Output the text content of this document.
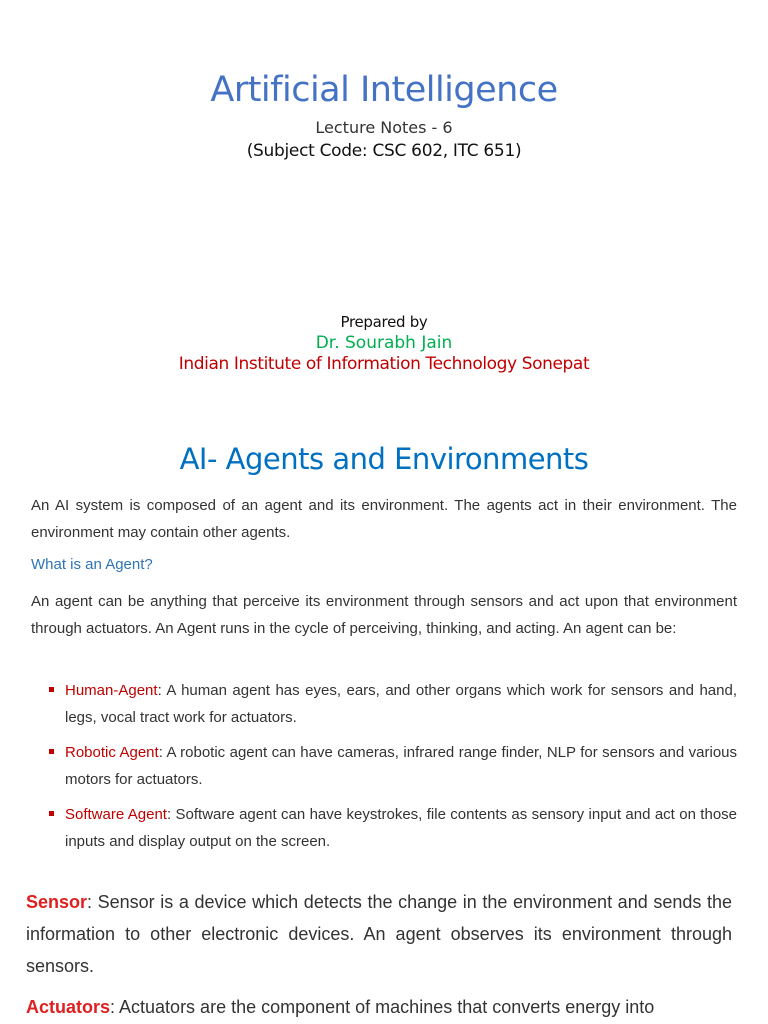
Artificial Intelligence
Lecture Notes - 6
(Subject Code: CSC 602, ITC 651)
Prepared by
Dr. Sourabh Jain
Indian Institute of Information Technology Sonepat
AI- Agents and Environments

An AI system is composed of an agent and its environment. The agents act in their environment. The environment may contain other agents.

What is an Agent?

An agent can be anything that perceive its environment through sensors and act upon that environment through actuators. An Agent runs in the cycle of perceiving, thinking, and acting. An agent can be:

Human-Agent: A human agent has eyes, ears, and other organs which work for sensors and hand, legs, vocal tract work for actuators.
Robotic Agent: A robotic agent can have cameras, infrared range finder, NLP for sensors and various motors for actuators.
Software Agent: Software agent can have keystrokes, file contents as sensory input and act on those inputs and display output on the screen.

Sensor: Sensor is a device which detects the change in the environment and sends the information to other electronic devices. An agent observes its environment through sensors.

Actuators: Actuators are the component of machines that converts energy into
